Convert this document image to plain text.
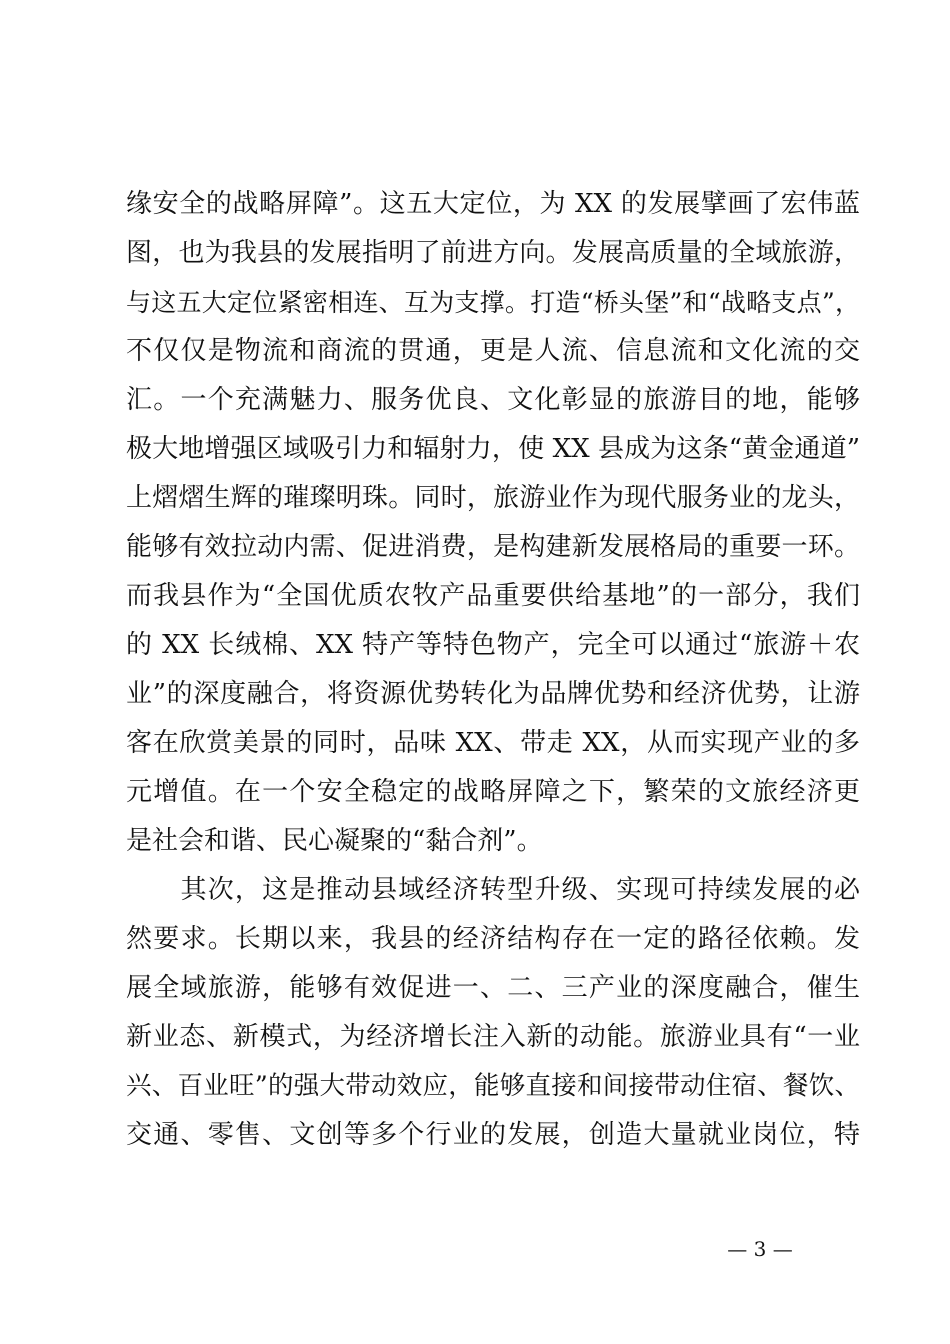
缘安全的战略屏障”。这五大定位，为 XX 的发展擘画了宏伟蓝
图，也为我县的发展指明了前进方向。发展高质量的全域旅游，
与这五大定位紧密相连、互为支撑。打造“桥头堡”和“战略支点”，
不仅仅是物流和商流的贯通，更是人流、信息流和文化流的交
汇。一个充满魅力、服务优良、文化彰显的旅游目的地，能够
极大地增强区域吸引力和辐射力，使 XX 县成为这条“黄金通道”
上熠熠生辉的璀璨明珠。同时，旅游业作为现代服务业的龙头，
能够有效拉动内需、促进消费，是构建新发展格局的重要一环。
而我县作为“全国优质农牧产品重要供给基地”的一部分，我们
的 XX 长绒棉、XX 特产等特色物产，完全可以通过“旅游＋农
业”的深度融合，将资源优势转化为品牌优势和经济优势，让游
客在欣赏美景的同时，品味 XX、带走 XX，从而实现产业的多
元增值。在一个安全稳定的战略屏障之下，繁荣的文旅经济更
是社会和谐、民心凝聚的“黏合剂”。
　　其次，这是推动县域经济转型升级、实现可持续发展的必
然要求。长期以来，我县的经济结构存在一定的路径依赖。发
展全域旅游，能够有效促进一、二、三产业的深度融合，催生
新业态、新模式，为经济增长注入新的动能。旅游业具有“一业
兴、百业旺”的强大带动效应，能够直接和间接带动住宿、餐饮、
交通、零售、文创等多个行业的发展，创造大量就业岗位，特
— 3 —
